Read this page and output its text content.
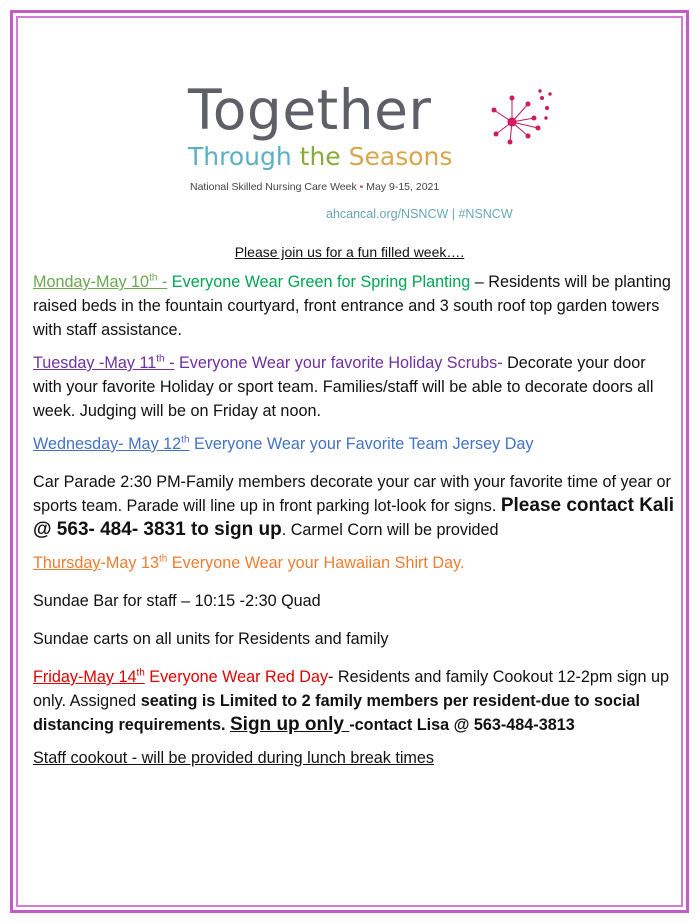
Together
Through the Seasons
National Skilled Nursing Care Week • May 9-15, 2021
ahcancal.org/NSNCW | #NSNCW
Please join us for a fun filled week….

Monday-May 10th - Everyone Wear Green for Spring Planting – Residents will be planting raised beds in the fountain courtyard, front entrance and 3 south roof top garden towers with staff assistance.

Tuesday -May 11th - Everyone Wear your favorite Holiday Scrubs- Decorate your door with your favorite Holiday or sport team. Families/staff will be able to decorate doors all week. Judging will be on Friday at noon.

Wednesday- May 12th Everyone Wear your Favorite Team Jersey Day

Car Parade 2:30 PM-Family members decorate your car with your favorite time of year or sports team. Parade will line up in front parking lot-look for signs. Please contact Kali @ 563- 484- 3831 to sign up. Carmel Corn will be provided

Thursday-May 13th Everyone Wear your Hawaiian Shirt Day.

Sundae Bar for staff – 10:15 -2:30 Quad

Sundae carts on all units for Residents and family

Friday-May 14th Everyone Wear Red Day- Residents and family Cookout 12-2pm sign up only. Assigned seating is Limited to 2 family members per resident-due to social distancing requirements. Sign up only -contact Lisa @ 563-484-3813

Staff cookout - will be provided during lunch break times
